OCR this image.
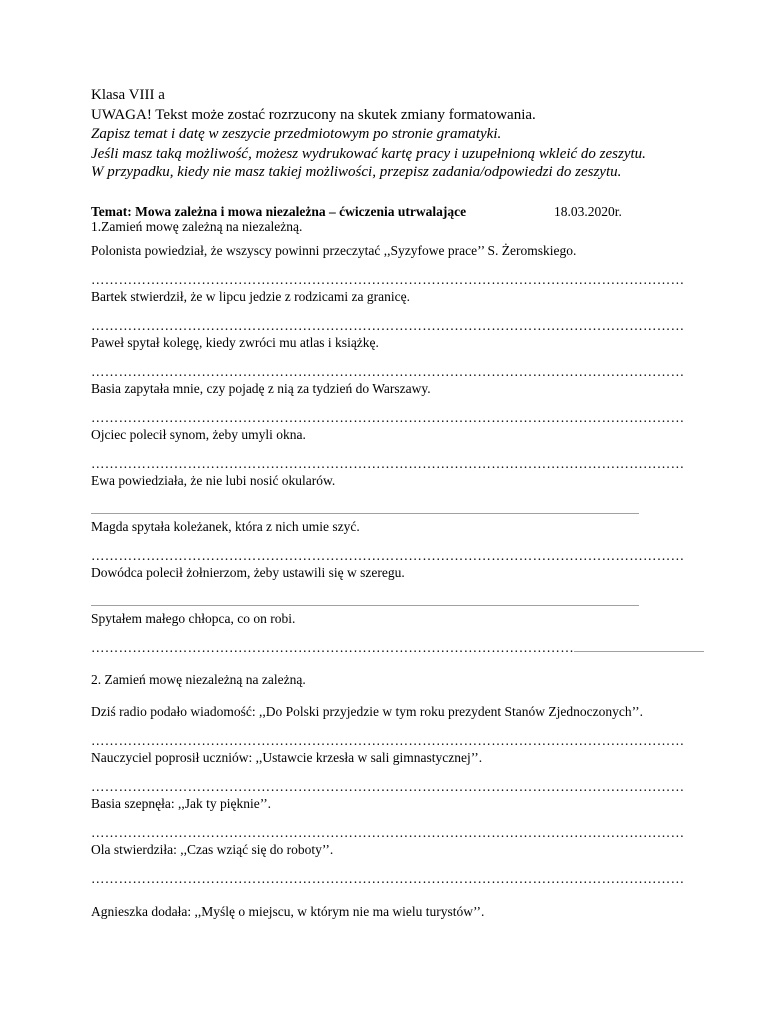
Klasa VIII a
UWAGA! Tekst może zostać rozrzucony na skutek zmiany formatowania.
Zapisz temat i datę w zeszycie przedmiotowym po stronie gramatyki.
Jeśli masz taką możliwość, możesz wydrukować kartę pracy i uzupełnioną wkleić do zeszytu.
W przypadku, kiedy nie masz takiej możliwości, przepisz zadania/odpowiedzi do zeszytu.
Temat: Mowa zależna i mowa niezależna – ćwiczenia utrwalające	18.03.2020r.
1.Zamień mowę zależną na niezależną.
Polonista powiedział, że wszyscy powinni przeczytać ,,Syzyfowe prace’’ S. Żeromskiego.
…………………………………………………………………………………………………………………
Bartek stwierdził, że w lipcu jedzie z rodzicami za granicę.
…………………………………………………………………………………………………………………
Paweł spytał kolegę, kiedy zwróci mu atlas i książkę.
…………………………………………………………………………………………………………………
Basia zapytała mnie, czy pojadę z nią za tydzień do Warszawy.
…………………………………………………………………………………………………………………
Ojciec polecił synom, żeby umyli okna.
…………………………………………………………………………………………………………………
Ewa powiedziała, że nie lubi nosić okularów.
..................................................................................................................................................................................................................................................................................
Magda spytała koleżanek, która z nich umie szyć.
…………………………………………………………………………………………………………………
Dowódca polecił żołnierzom, żeby ustawili się w szeregu.
..................................................................................................................................................................................................................................................................................
Spytałem małego chłopca, co on robi.
…………………………………………………………………………………………….................................................................
2. Zamień mowę niezależną na zależną.
Dziś radio podało wiadomość: ,,Do Polski przyjedzie w tym roku prezydent Stanów Zjednoczonych’’.
…………………………………………………………………………………………………………………
Nauczyciel poprosił uczniów: ,,Ustawcie krzesła w sali gimnastycznej’’.
…………………………………………………………………………………………………………………
Basia szepnęła: ,,Jak ty pięknie’’.
…………………………………………………………………………………………………………………
Ola stwierdziła: ,,Czas wziąć się do roboty’’.
…………………………………………………………………………………………………………………
Agnieszka dodała: ,,Myślę o miejscu, w którym nie ma wielu turystów’’.
